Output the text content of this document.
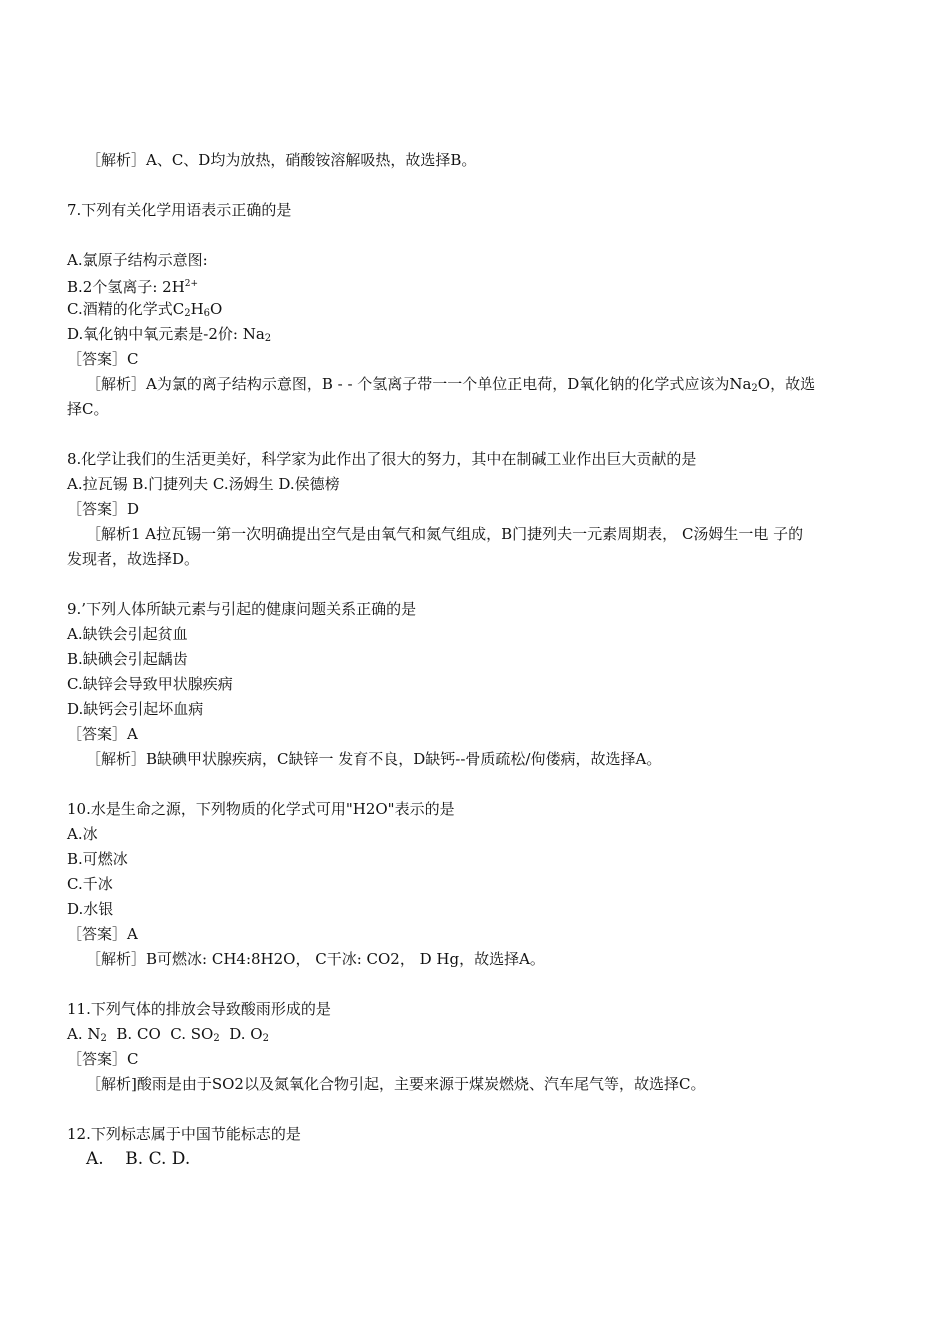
［解析］A、C、D均为放热，硝酸铵溶解吸热，故选择B。
7.下列有关化学用语表示正确的是
A.氯原子结构示意图:
B.2个氢离子: $2H^{2+}$
C.酒精的化学式$C_2H_6O$
D.氧化钠中氧元素是-2价: $Na_2$
［答案］C
［解析］A为氯的离子结构示意图，B - - 个氢离子带一一个单位正电荷，D氧化钠的化学式应该为$Na_2O$，故选
择C。
8.化学让我们的生活更美好，科学家为此作出了很大的努力，其中在制碱工业作出巨大贡献的是
A.拉瓦锡 B.门捷列夫 C.汤姆生 D.侯德榜
［答案］D
［解析1 A拉瓦锡一第一次明确提出空气是由氧气和氮气组成，B门捷列夫一元素周期表， C汤姆生一电 子的
发现者，故选择D。
9.’下列人体所缺元素与引起的健康问题关系正确的是
A.缺铁会引起贫血
B.缺碘会引起龋齿
C.缺锌会导致甲状腺疾病
D.缺钙会引起坏血病
［答案］A
［解析］B缺碘甲状腺疾病，C缺锌一 发育不良，D缺钙--骨质疏松/佝偻病，故选择A。
10.水是生命之源，下列物质的化学式可用"H2O"表示的是
A.冰
B.可燃冰
C.千冰
D.水银
［答案］A
［解析］B可燃冰: CH4:8H2O， C干冰: CO2， D Hg，故选择A。
11.下列气体的排放会导致酸雨形成的是
A. $N_2$  B. CO  C. $SO_2$  D. $O_2$
［答案］C
［解析]酸雨是由于SO2以及氮氧化合物引起，主要来源于煤炭燃烧、汽车尾气等，故选择C。
12.下列标志属于中国节能标志的是
A.    B. C. D.
